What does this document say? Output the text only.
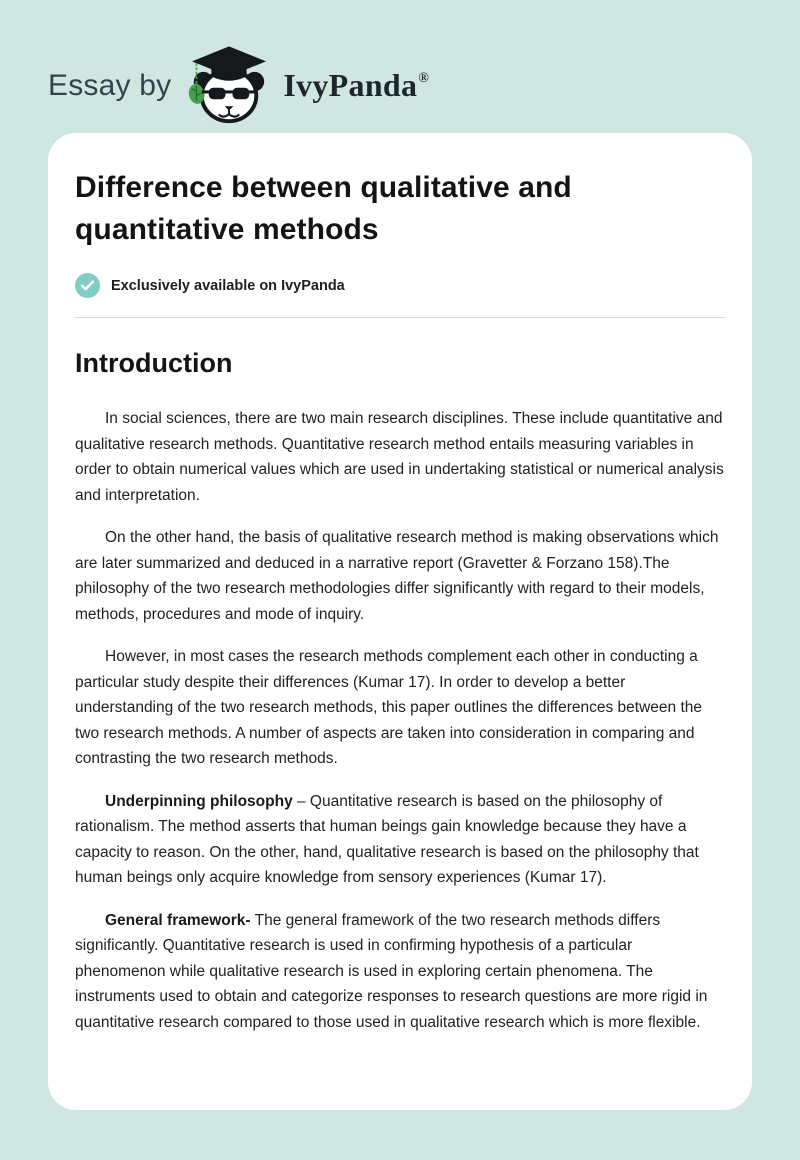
Essay by	IvyPanda®
Difference between qualitative and quantitative methods
Exclusively available on IvyPanda
Introduction

In social sciences, there are two main research disciplines. These include quantitative and qualitative research methods. Quantitative research method entails measuring variables in order to obtain numerical values which are used in undertaking statistical or numerical analysis and interpretation.

On the other hand, the basis of qualitative research method is making observations which are later summarized and deduced in a narrative report (Gravetter & Forzano 158).The philosophy of the two research methodologies differ significantly with regard to their models, methods, procedures and mode of inquiry.

However, in most cases the research methods complement each other in conducting a particular study despite their differences (Kumar 17). In order to develop a better understanding of the two research methods, this paper outlines the differences between the two research methods. A number of aspects are taken into consideration in comparing and contrasting the two research methods.

Underpinning philosophy – Quantitative research is based on the philosophy of rationalism. The method asserts that human beings gain knowledge because they have a capacity to reason. On the other, hand, qualitative research is based on the philosophy that human beings only acquire knowledge from sensory experiences (Kumar 17).

General framework- The general framework of the two research methods differs significantly. Quantitative research is used in confirming hypothesis of a particular phenomenon while qualitative research is used in exploring certain phenomena. The instruments used to obtain and categorize responses to research questions are more rigid in quantitative research compared to those used in qualitative research which is more flexible.
